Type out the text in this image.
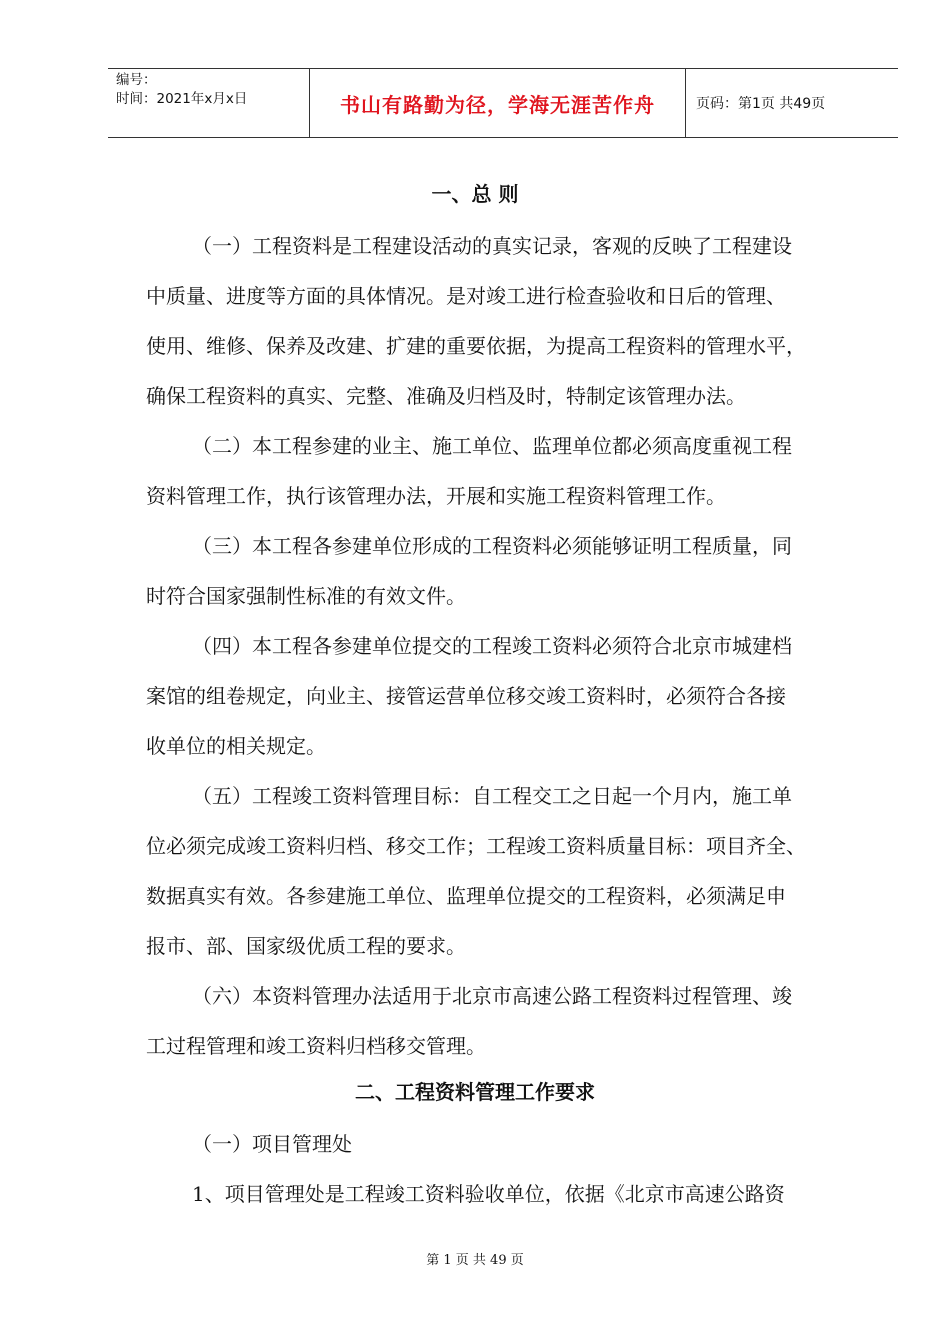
编号：
时间：2021年x月x日	书山有路勤为径，学海无涯苦作舟	页码：第1页 共49页
一、总 则
（一）工程资料是工程建设活动的真实记录，客观的反映了工程建设
中质量、进度等方面的具体情况。是对竣工进行检查验收和日后的管理、
使用、维修、保养及改建、扩建的重要依据，为提高工程资料的管理水平，
确保工程资料的真实、完整、准确及归档及时，特制定该管理办法。
（二）本工程参建的业主、施工单位、监理单位都必须高度重视工程
资料管理工作，执行该管理办法，开展和实施工程资料管理工作。
（三）本工程各参建单位形成的工程资料必须能够证明工程质量，同
时符合国家强制性标准的有效文件。
（四）本工程各参建单位提交的工程竣工资料必须符合北京市城建档
案馆的组卷规定，向业主、接管运营单位移交竣工资料时，必须符合各接
收单位的相关规定。
（五）工程竣工资料管理目标：自工程交工之日起一个月内，施工单
位必须完成竣工资料归档、移交工作；工程竣工资料质量目标：项目齐全、
数据真实有效。各参建施工单位、监理单位提交的工程资料，必须满足申
报市、部、国家级优质工程的要求。
（六）本资料管理办法适用于北京市高速公路工程资料过程管理、竣
工过程管理和竣工资料归档移交管理。
二、工程资料管理工作要求
（一）项目管理处
1、项目管理处是工程竣工资料验收单位，依据《北京市高速公路资
第 1 页 共 49 页
